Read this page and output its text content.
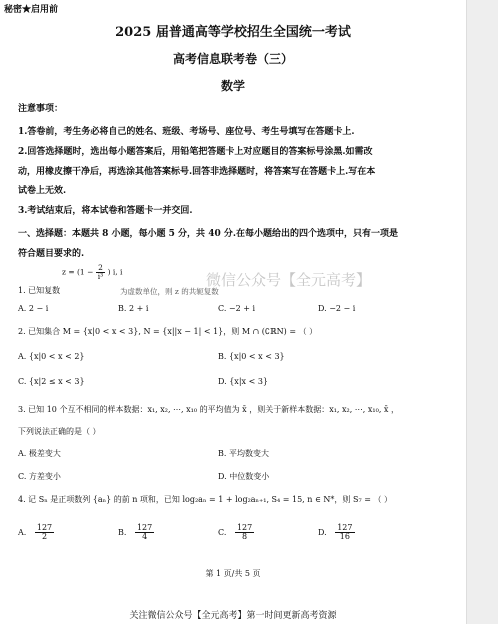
秘密★启用前
2025 届普通高等学校招生全国统一考试
高考信息联考卷（三）
数学
注意事项：
1.答卷前，考生务必将自己的姓名、班级、考场号、座位号、考生号填写在答题卡上.
2.回答选择题时，选出每小题答案后，用铅笔把答题卡上对应题目的答案标号涂黑.如需改
动，用橡皮擦干净后，再选涂其他答案标号.回答非选择题时，将答案写在答题卡上.写在本
试卷上无效.
3.考试结束后，将本试卷和答题卡一并交回.
一、选择题：本题共 8 小题，每小题 5 分，共 40 分.在每小题给出的四个选项中，只有一项是
符合题目要求的.
$z = (1 - \frac{2}{\text{i³}}$ ) i, i	微信公众号【全元高考】
1. 已知复数	为虚数单位，则 z 的共轭复数
A. 2 − i	B. 2 + i	C. −2 + i	D. −2 − i
2. 已知集合 M = {x|0 < x < 3}, N = {x||x − 1| < 1}，则 M ∩ (∁ℝN) = （ ）
A. {x|0 < x < 2}	B. {x|0 < x < 3}
C. {x|2 ≤ x < 3}	D. {x|x < 3}
3. 已知 10 个互不相同的样本数据：x₁, x₂, ⋯, x₁₀ 的平均值为 x̄ ，则关于新样本数据：x₁, x₂, ⋯, x₁₀, x̄ ，
下列说法正确的是（ ）
A. 极差变大	B. 平均数变大
C. 方差变小	D. 中位数变小
4. 记 Sₙ 是正项数列 {aₙ} 的前 n 项和，已知 log₂aₙ = 1 + log₂aₙ₊₁, S₄ = 15, n ∈ N*，则 S₇ = （ ）
A. $\frac{127}{2}$	B. $\frac{127}{4}$	C. $\frac{127}{8}$	D. $\frac{127}{16}$
第 1 页/共 5 页
关注微信公众号【全元高考】第一时间更新高考资源
